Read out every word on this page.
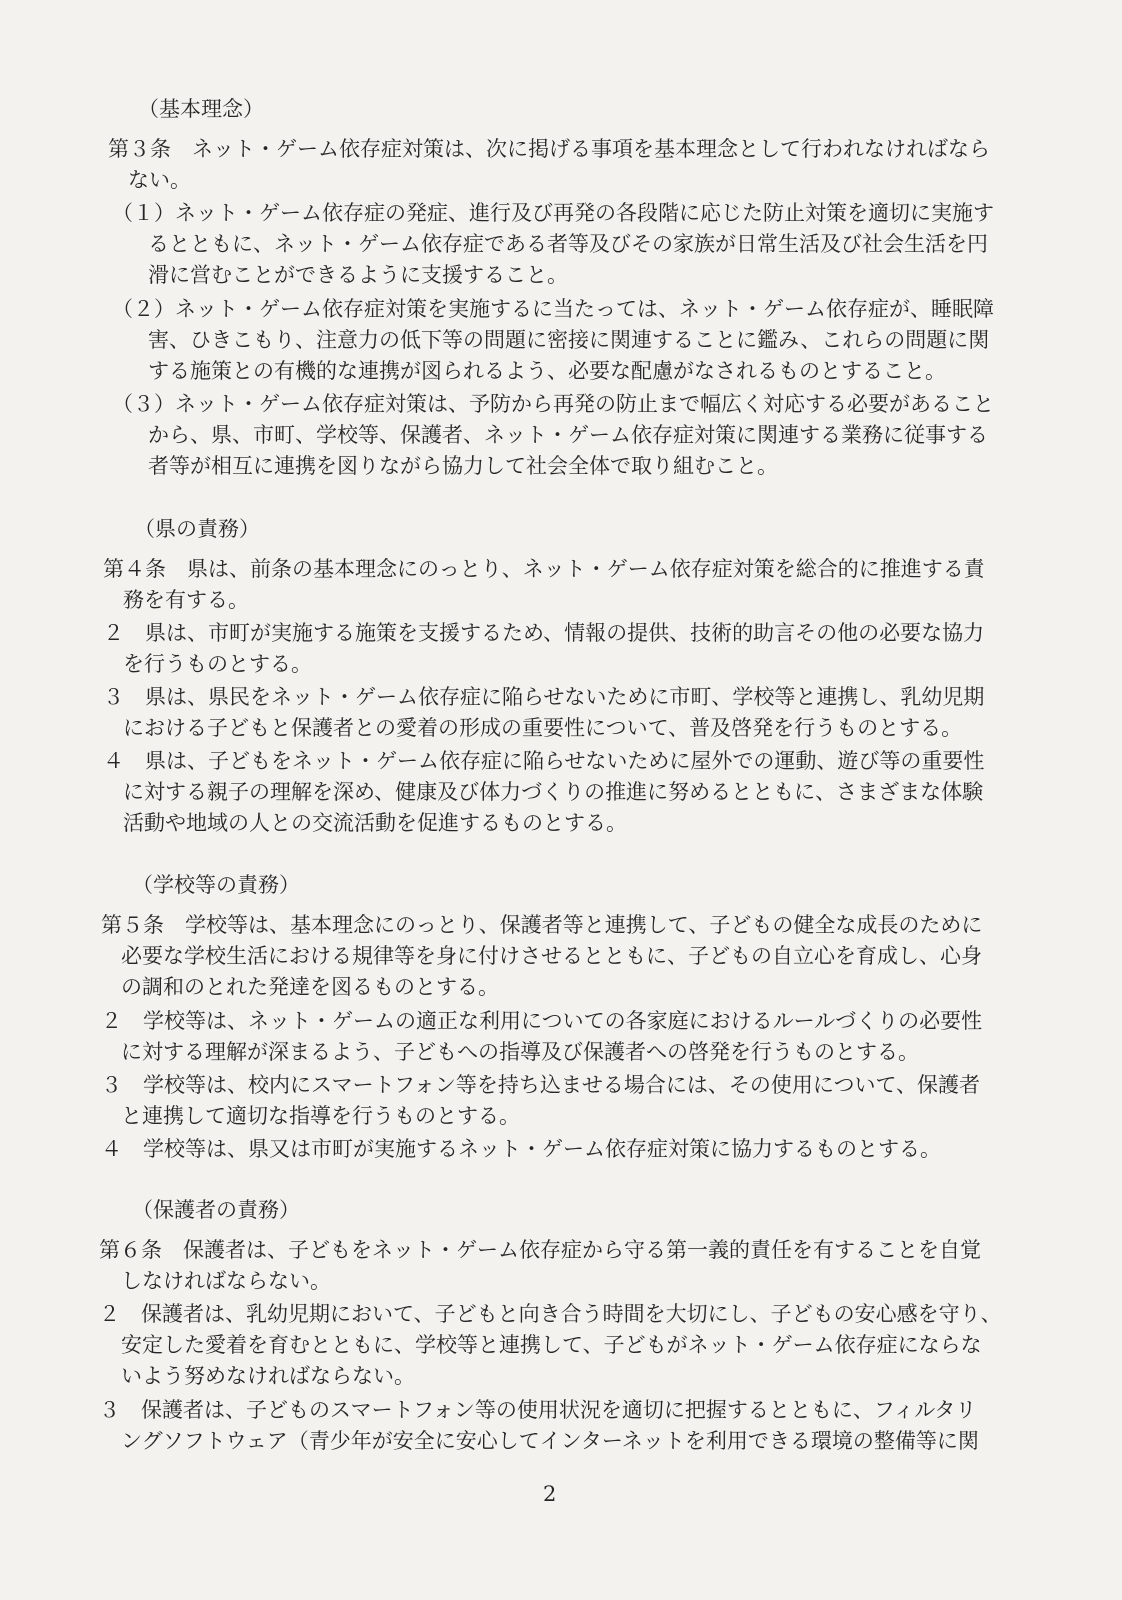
（基本理念）
第３条　ネット・ゲーム依存症対策は、次に掲げる事項を基本理念として行われなければなら
ない。
（１）ネット・ゲーム依存症の発症、進行及び再発の各段階に応じた防止対策を適切に実施す
るとともに、ネット・ゲーム依存症である者等及びその家族が日常生活及び社会生活を円
滑に営むことができるように支援すること。
（２）ネット・ゲーム依存症対策を実施するに当たっては、ネット・ゲーム依存症が、睡眠障
害、ひきこもり、注意力の低下等の問題に密接に関連することに鑑み、これらの問題に関
する施策との有機的な連携が図られるよう、必要な配慮がなされるものとすること。
（３）ネット・ゲーム依存症対策は、予防から再発の防止まで幅広く対応する必要があること
から、県、市町、学校等、保護者、ネット・ゲーム依存症対策に関連する業務に従事する
者等が相互に連携を図りながら協力して社会全体で取り組むこと。
（県の責務）
第４条　県は、前条の基本理念にのっとり、ネット・ゲーム依存症対策を総合的に推進する責
務を有する。
２　県は、市町が実施する施策を支援するため、情報の提供、技術的助言その他の必要な協力
を行うものとする。
３　県は、県民をネット・ゲーム依存症に陥らせないために市町、学校等と連携し、乳幼児期
における子どもと保護者との愛着の形成の重要性について、普及啓発を行うものとする。
４　県は、子どもをネット・ゲーム依存症に陥らせないために屋外での運動、遊び等の重要性
に対する親子の理解を深め、健康及び体力づくりの推進に努めるとともに、さまざまな体験
活動や地域の人との交流活動を促進するものとする。
（学校等の責務）
第５条　学校等は、基本理念にのっとり、保護者等と連携して、子どもの健全な成長のために
必要な学校生活における規律等を身に付けさせるとともに、子どもの自立心を育成し、心身
の調和のとれた発達を図るものとする。
２　学校等は、ネット・ゲームの適正な利用についての各家庭におけるルールづくりの必要性
に対する理解が深まるよう、子どもへの指導及び保護者への啓発を行うものとする。
３　学校等は、校内にスマートフォン等を持ち込ませる場合には、その使用について、保護者
と連携して適切な指導を行うものとする。
４　学校等は、県又は市町が実施するネット・ゲーム依存症対策に協力するものとする。
（保護者の責務）
第６条　保護者は、子どもをネット・ゲーム依存症から守る第一義的責任を有することを自覚
しなければならない。
２　保護者は、乳幼児期において、子どもと向き合う時間を大切にし、子どもの安心感を守り、
安定した愛着を育むとともに、学校等と連携して、子どもがネット・ゲーム依存症にならな
いよう努めなければならない。
３　保護者は、子どものスマートフォン等の使用状況を適切に把握するとともに、フィルタリ
ングソフトウェア（青少年が安全に安心してインターネットを利用できる環境の整備等に関
2
